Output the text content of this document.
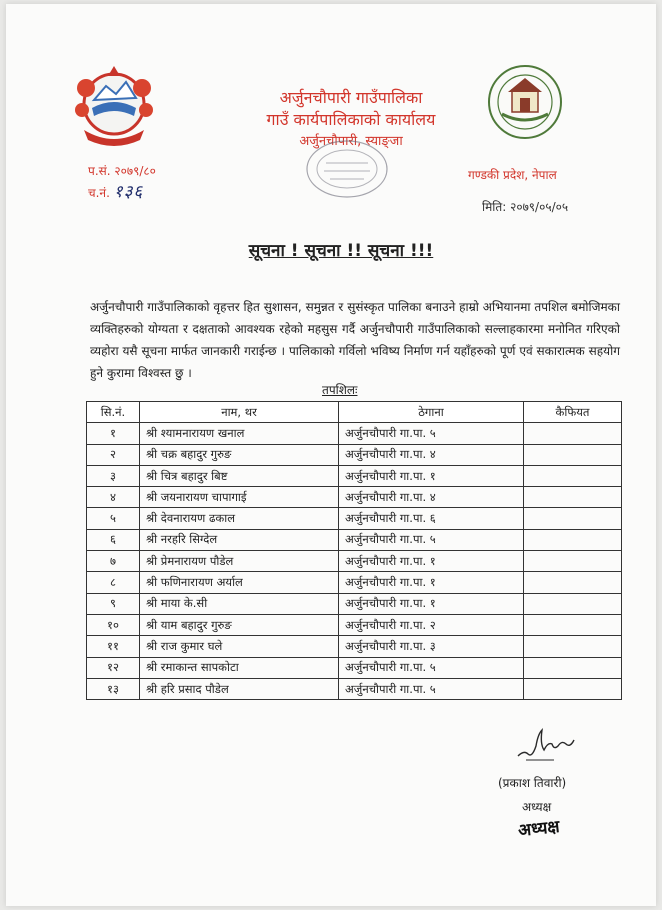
अर्जुनचौपारी गाउँपालिका
गाउँ कार्यपालिकाको कार्यालय
अर्जुनचौपारी, स्याङ्जा
प.सं. २०७९/८०
च.नं. १३६
गण्डकी प्रदेश, नेपाल
मिति: २०७९/०५/०५
सूचना ! सूचना !! सूचना !!!
अर्जुनचौपारी गाउँपालिकाको वृहत्तर हित सुशासन, समुन्नत र सुसंस्कृत पालिका बनाउने हाम्रो अभियानमा तपशिल बमोजिमका व्यक्तिहरुको योग्यता र दक्षताको आवश्यक रहेको महसुस गर्दै अर्जुनचौपारी गाउँपालिकाको सल्लाहकारमा मनोनित गरिएको व्यहोरा यसै सूचना मार्फत जानकारी गराईन्छ । पालिकाको गर्विलो भविष्य निर्माण गर्न यहाँहरुको पूर्ण एवं सकारात्मक सहयोग हुने कुरामा विश्वस्त छु ।
तपशिलः
सि.नं.	नाम, थर	ठेगाना	कैफियत
१	श्री श्यामनारायण खनाल	अर्जुनचौपारी गा.पा. ५	
२	श्री चक्र बहादुर गुरुङ	अर्जुनचौपारी गा.पा. ४	
३	श्री चित्र बहादुर बिष्ट	अर्जुनचौपारी गा.पा. १	
४	श्री जयनारायण चापागाई	अर्जुनचौपारी गा.पा. ४	
५	श्री देवनारायण ढकाल	अर्जुनचौपारी गा.पा. ६	
६	श्री नरहरि सिग्देल	अर्जुनचौपारी गा.पा. ५	
७	श्री प्रेमनारायण पौडेल	अर्जुनचौपारी गा.पा. १	
८	श्री फणिनारायण अर्याल	अर्जुनचौपारी गा.पा. १	
९	श्री माया के.सी	अर्जुनचौपारी गा.पा. १	
१०	श्री याम बहादुर गुरुङ	अर्जुनचौपारी गा.पा. २	
११	श्री राज कुमार घले	अर्जुनचौपारी गा.पा. ३	
१२	श्री रमाकान्त सापकोटा	अर्जुनचौपारी गा.पा. ५	
१३	श्री हरि प्रसाद पौडेल	अर्जुनचौपारी गा.पा. ५	
(प्रकाश तिवारी)
अध्यक्ष
अध्यक्ष
